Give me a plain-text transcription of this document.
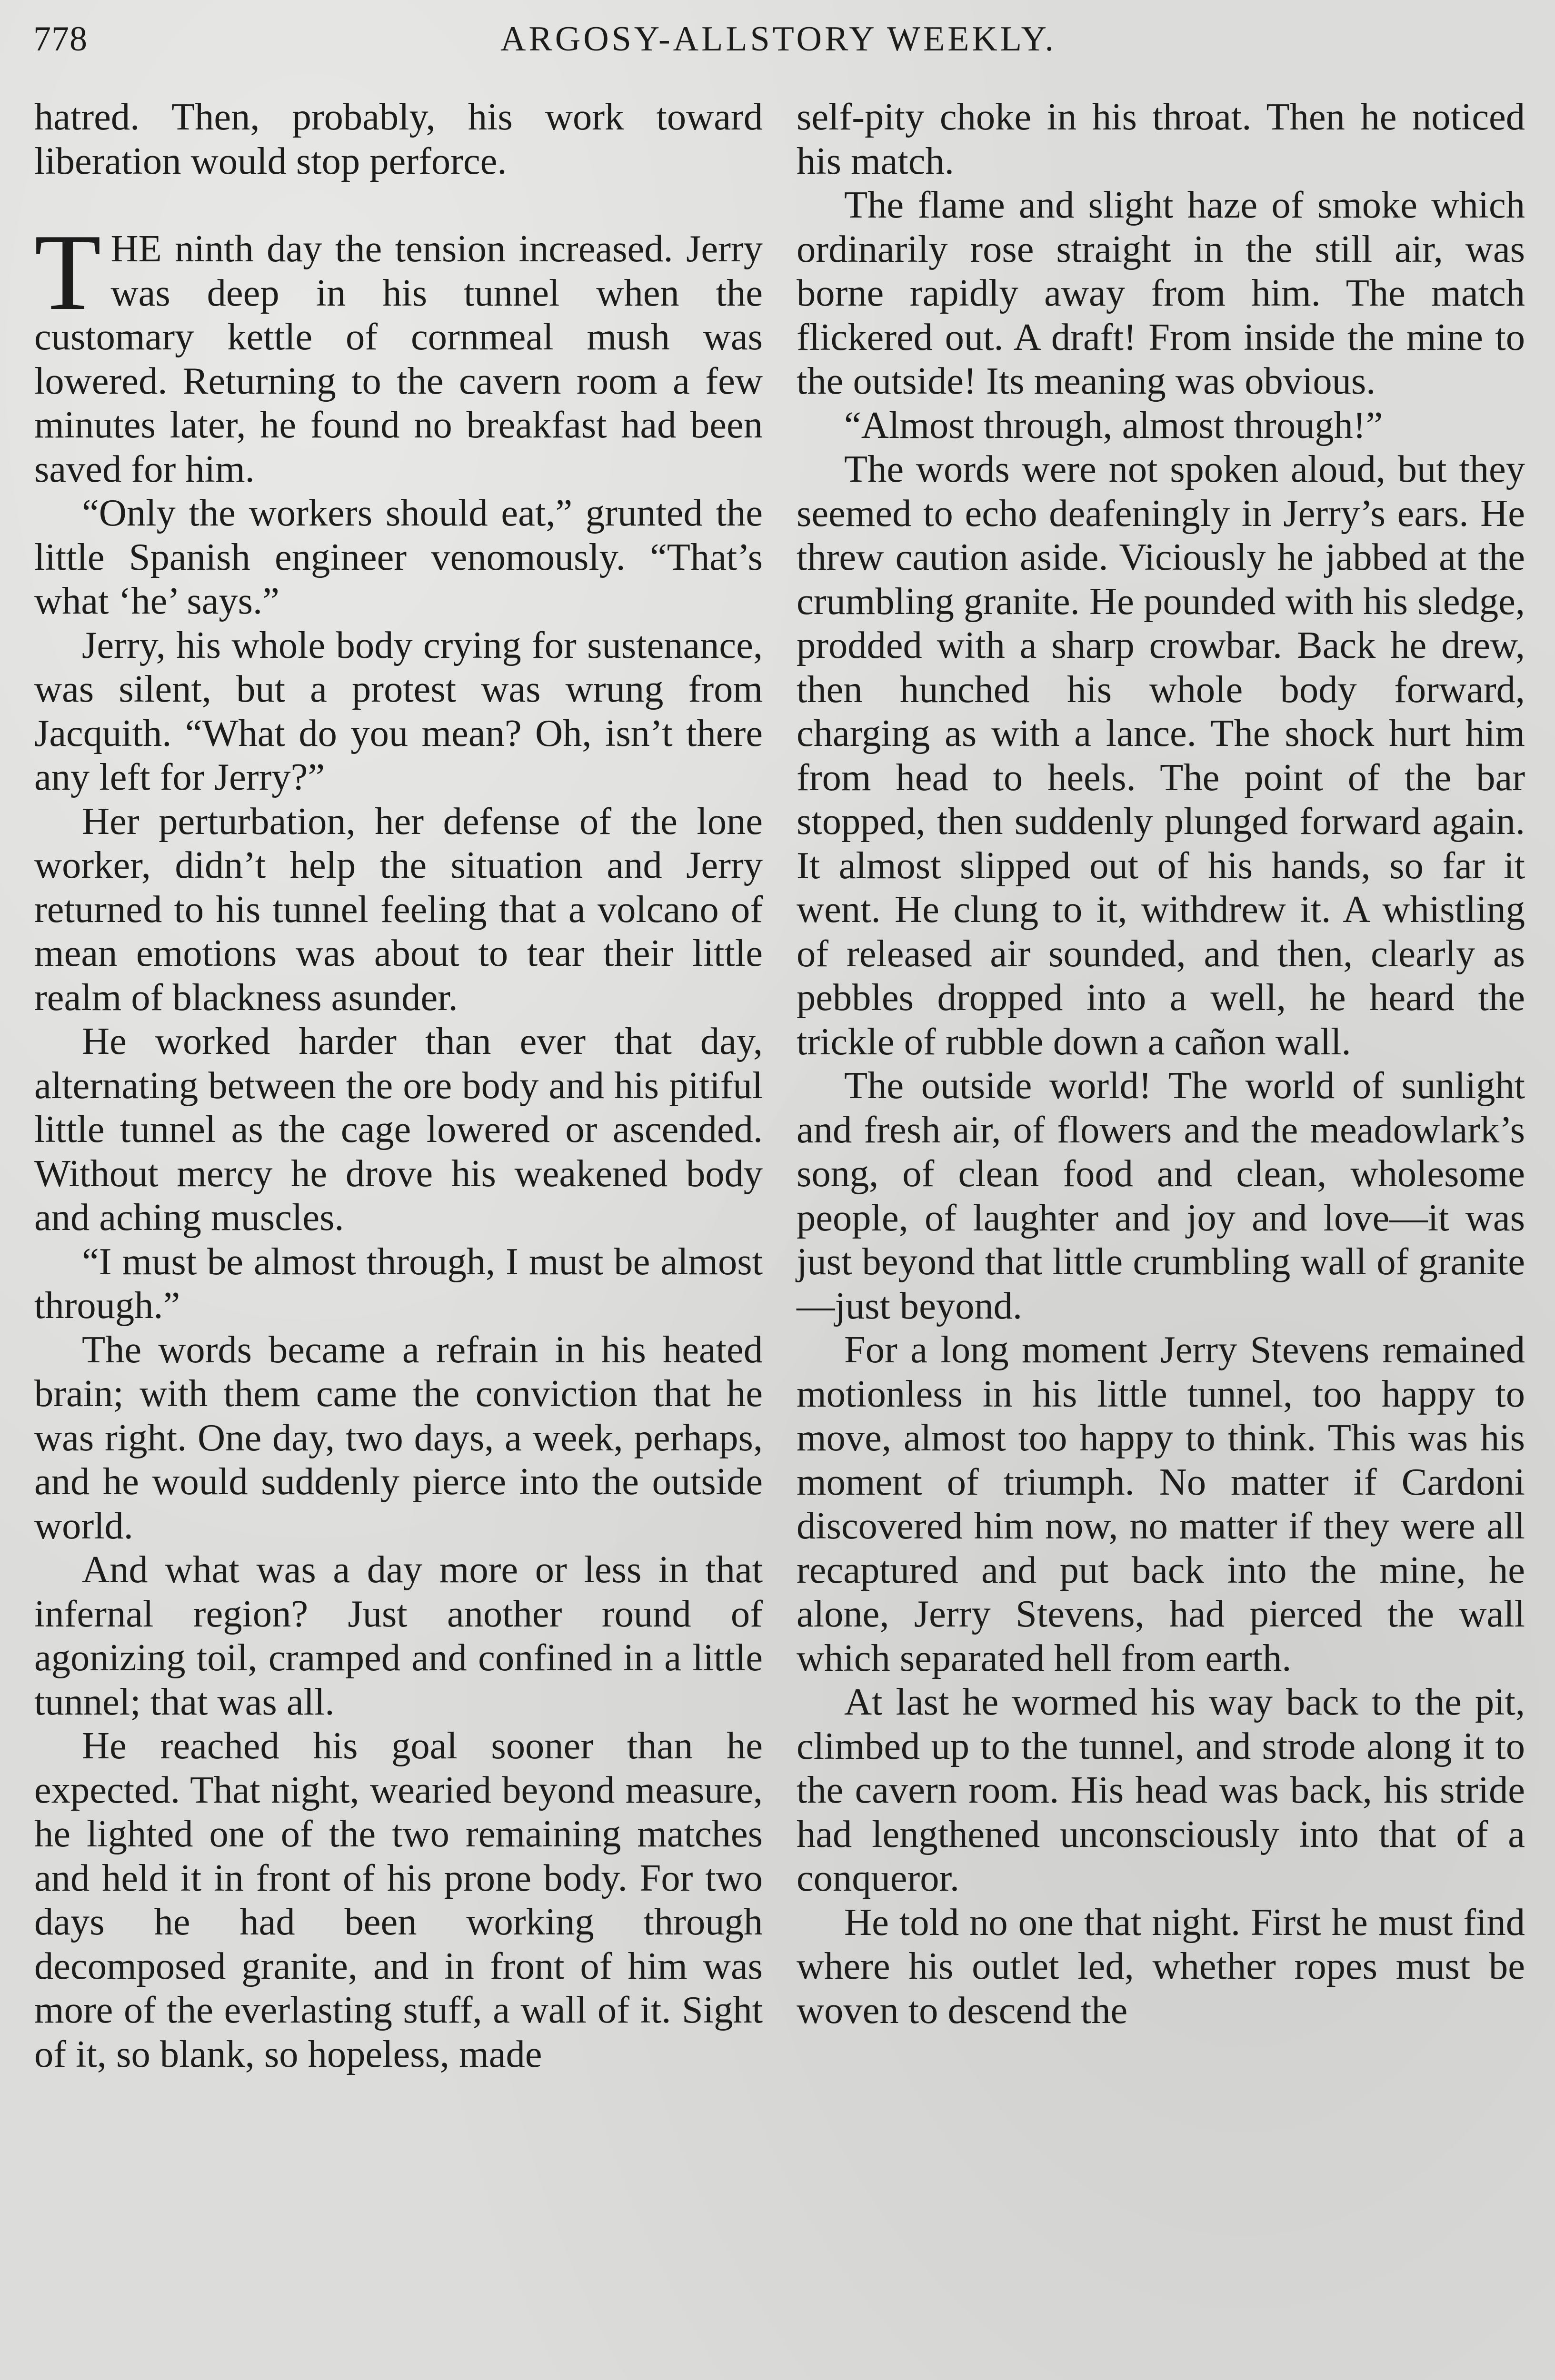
778	ARGOSY-ALLSTORY WEEKLY.

hatred. Then, probably, his work toward liberation would stop perforce.

THE ninth day the tension increased. Jerry was deep in his tunnel when the customary kettle of cornmeal mush was lowered. Returning to the cavern room a few minutes later, he found no breakfast had been saved for him.

“Only the workers should eat,” grunted the little Spanish engineer venomously. “That’s what ‘he’ says.”

Jerry, his whole body crying for sustenance, was silent, but a protest was wrung from Jacquith. “What do you mean? Oh, isn’t there any left for Jerry?”

Her perturbation, her defense of the lone worker, didn’t help the situation and Jerry returned to his tunnel feeling that a volcano of mean emotions was about to tear their little realm of blackness asunder.

He worked harder than ever that day, alternating between the ore body and his pitiful little tunnel as the cage lowered or ascended. Without mercy he drove his weakened body and aching muscles.

“I must be almost through, I must be almost through.”

The words became a refrain in his heated brain; with them came the conviction that he was right. One day, two days, a week, perhaps, and he would suddenly pierce into the outside world.

And what was a day more or less in that infernal region? Just another round of agonizing toil, cramped and confined in a little tunnel; that was all.

He reached his goal sooner than he expected. That night, wearied beyond measure, he lighted one of the two remaining matches and held it in front of his prone body. For two days he had been working through decomposed granite, and in front of him was more of the everlasting stuff, a wall of it. Sight of it, so blank, so hopeless, made

self-pity choke in his throat. Then he noticed his match.

The flame and slight haze of smoke which ordinarily rose straight in the still air, was borne rapidly away from him. The match flickered out. A draft! From inside the mine to the outside! Its meaning was obvious.

“Almost through, almost through!”

The words were not spoken aloud, but they seemed to echo deafeningly in Jerry’s ears. He threw caution aside. Viciously he jabbed at the crumbling granite. He pounded with his sledge, prodded with a sharp crowbar. Back he drew, then hunched his whole body forward, charging as with a lance. The shock hurt him from head to heels. The point of the bar stopped, then suddenly plunged forward again. It almost slipped out of his hands, so far it went. He clung to it, withdrew it. A whistling of released air sounded, and then, clearly as pebbles dropped into a well, he heard the trickle of rubble down a cañon wall.

The outside world! The world of sunlight and fresh air, of flowers and the meadowlark’s song, of clean food and clean, wholesome people, of laughter and joy and love—it was just beyond that little crumbling wall of granite—just beyond.

For a long moment Jerry Stevens remained motionless in his little tunnel, too happy to move, almost too happy to think. This was his moment of triumph. No matter if Cardoni discovered him now, no matter if they were all recaptured and put back into the mine, he alone, Jerry Stevens, had pierced the wall which separated hell from earth.

At last he wormed his way back to the pit, climbed up to the tunnel, and strode along it to the cavern room. His head was back, his stride had lengthened unconsciously into that of a conqueror.

He told no one that night. First he must find where his outlet led, whether ropes must be woven to descend the
